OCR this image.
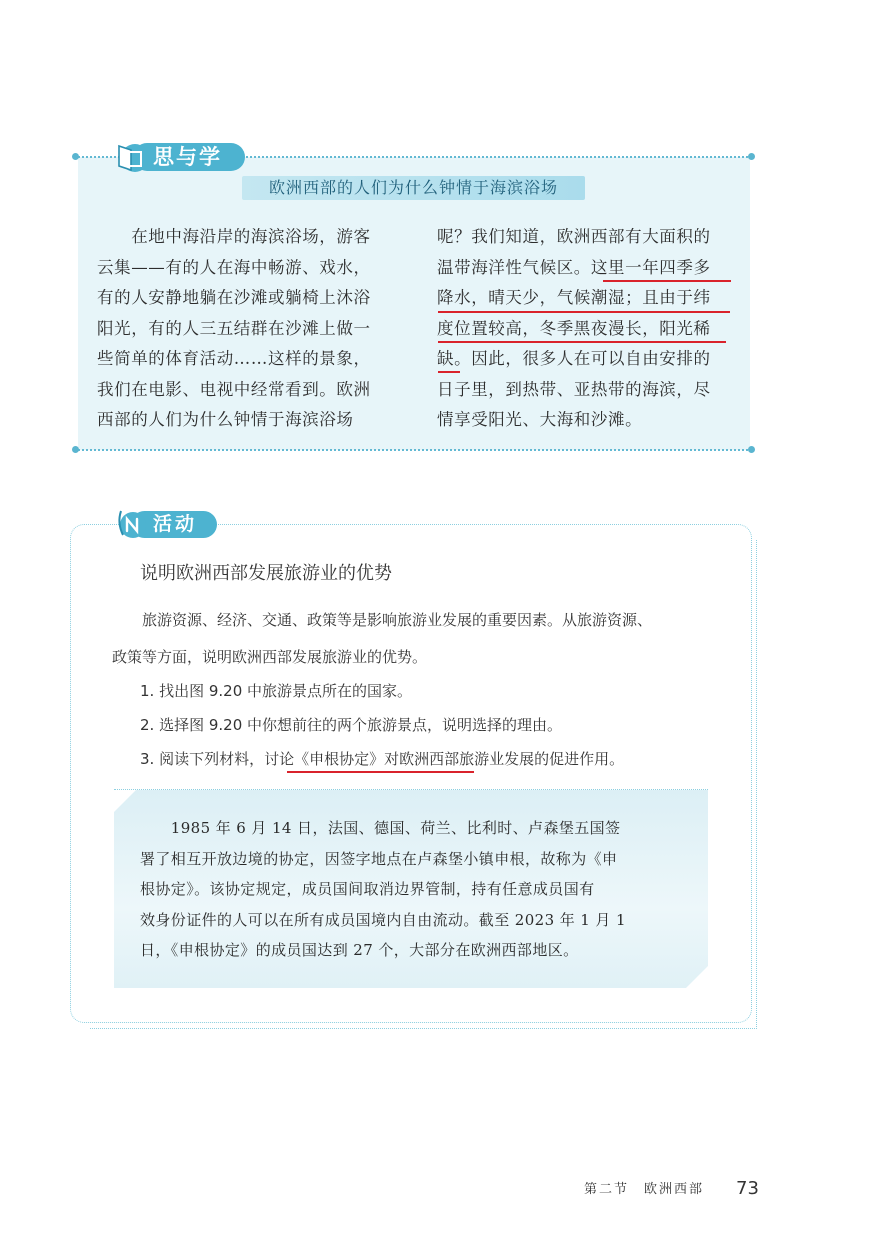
思与学
欧洲西部的人们为什么钟情于海滨浴场
　　在地中海沿岸的海滨浴场，游客
云集——有的人在海中畅游、戏水，
有的人安静地躺在沙滩或躺椅上沐浴
阳光，有的人三五结群在沙滩上做一
些简单的体育活动……这样的景象，
我们在电影、电视中经常看到。欧洲
西部的人们为什么钟情于海滨浴场
呢？我们知道，欧洲西部有大面积的
温带海洋性气候区。这里一年四季多
降水，晴天少，气候潮湿；且由于纬
度位置较高，冬季黑夜漫长，阳光稀
缺。因此，很多人在可以自由安排的
日子里，到热带、亚热带的海滨，尽
情享受阳光、大海和沙滩。
活动
说明欧洲西部发展旅游业的优势
　　旅游资源、经济、交通、政策等是影响旅游业发展的重要因素。从旅游资源、
政策等方面，说明欧洲西部发展旅游业的优势。
1. 找出图 9.20 中旅游景点所在的国家。
2. 选择图 9.20 中你想前往的两个旅游景点，说明选择的理由。
3. 阅读下列材料，讨论《申根协定》对欧洲西部旅游业发展的促进作用。
　　1985 年 6 月 14 日，法国、德国、荷兰、比利时、卢森堡五国签
署了相互开放边境的协定，因签字地点在卢森堡小镇申根，故称为《申
根协定》。该协定规定，成员国间取消边界管制，持有任意成员国有
效身份证件的人可以在所有成员国境内自由流动。截至 2023 年 1 月 1
日，《申根协定》的成员国达到 27 个，大部分在欧洲西部地区。
第二节　欧洲西部 73
